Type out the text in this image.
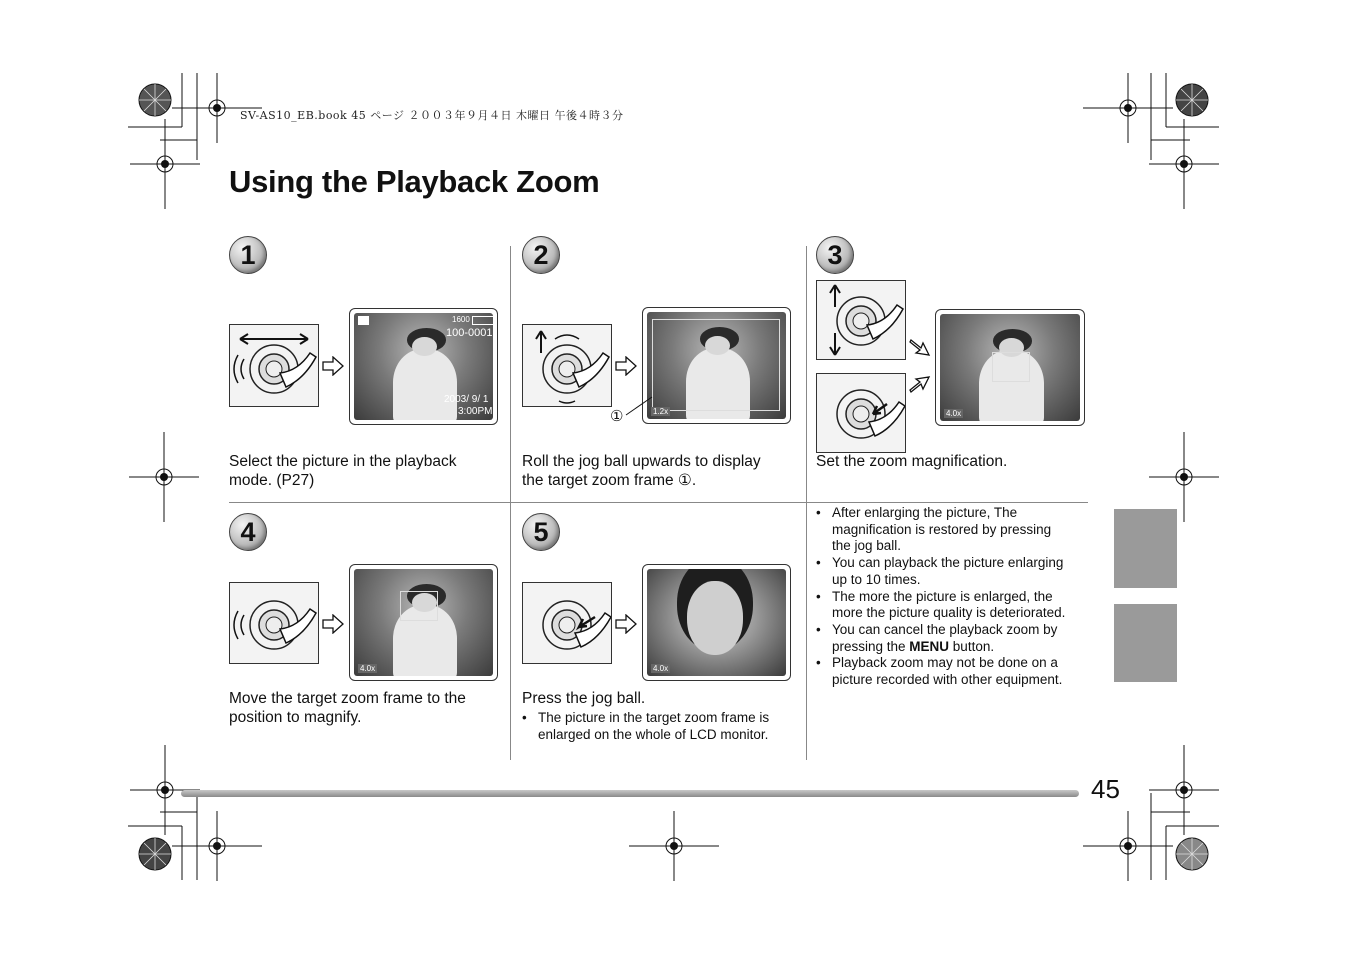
SV-AS10_EB.book 45 ページ ２００３年９月４日 木曜日 午後４時３分
Using the Playback Zoom
1
1600
100-0001
2003/ 9/ 1
3:00PM
Select the picture in the playback
mode. (P27)
2
1.2x
①
Roll the jog ball upwards to display
the target zoom frame ①.
3
4.0x
Set the zoom magnification.
4
4.0x
Move the target zoom frame to the
position to magnify.
5
4.0x
Press the jog ball.
• The picture in the target zoom frame is
enlarged on the whole of LCD monitor.
• After enlarging the picture, The
magnification is restored by pressing
the jog ball.
• You can playback the picture enlarging
up to 10 times.
• The more the picture is enlarged, the
more the picture quality is deteriorated.
• You can cancel the playback zoom by
pressing the MENU button.
• Playback zoom may not be done on a
picture recorded with other equipment.
45
